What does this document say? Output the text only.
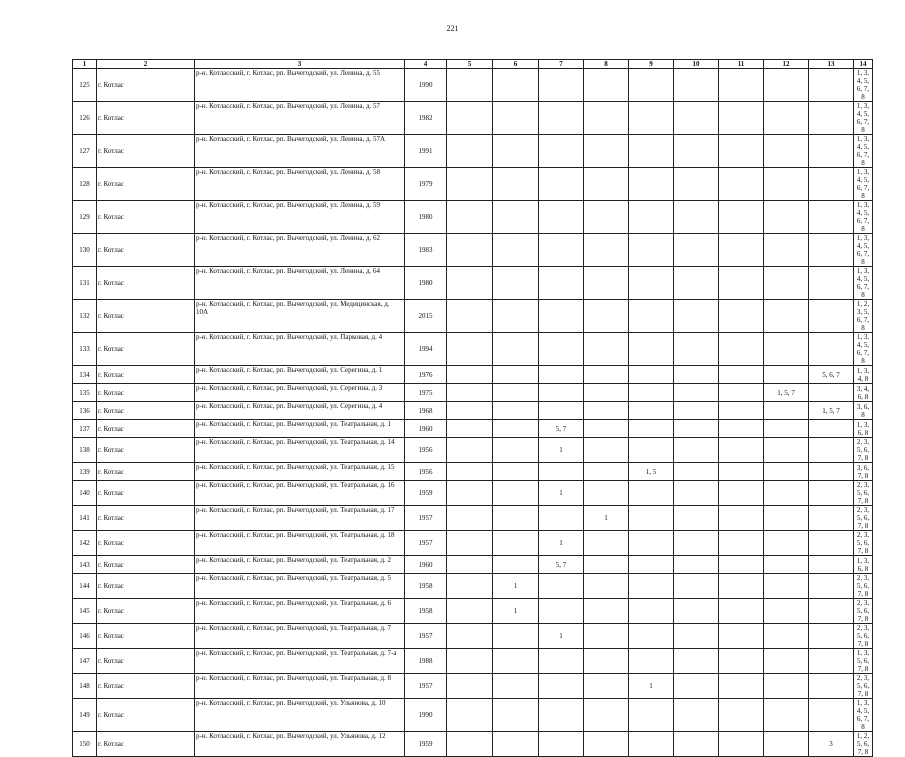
221
1	2	3	4	5	6	7	8	9	10	11	12	13	14
125	г. Котлас	р-н. Котласский, г. Котлас, рп. Вычегодский, ул. Ленина, д. 55	1990										1, 3, 4, 5, 6, 7, 8
126	г. Котлас	р-н. Котласский, г. Котлас, рп. Вычегодский, ул. Ленина, д. 57	1982										1, 3, 4, 5, 6, 7, 8
127	г. Котлас	р-н. Котласский, г. Котлас, рп. Вычегодский, ул. Ленина, д. 57А	1991										1, 3, 4, 5, 6, 7, 8
128	г. Котлас	р-н. Котласский, г. Котлас, рп. Вычегодский, ул. Ленина, д. 58	1979										1, 3, 4, 5, 6, 7, 8
129	г. Котлас	р-н. Котласский, г. Котлас, рп. Вычегодский, ул. Ленина, д. 59	1980										1, 3, 4, 5, 6, 7, 8
130	г. Котлас	р-н. Котласский, г. Котлас, рп. Вычегодский, ул. Ленина, д. 62	1983										1, 3, 4, 5, 6, 7, 8
131	г. Котлас	р-н. Котласский, г. Котлас, рп. Вычегодский, ул. Ленина, д. 64	1980										1, 3, 4, 5, 6, 7, 8
132	г. Котлас	р-н. Котласский, г. Котлас, рп. Вычегодский, ул. Медицинская, д. 10А	2015										1, 2, 3, 5, 6, 7, 8
133	г. Котлас	р-н. Котласский, г. Котлас, рп. Вычегодский, ул. Парковая, д. 4	1994										1, 3, 4, 5, 6, 7, 8
134	г. Котлас	р-н. Котласский, г. Котлас, рп. Вычегодский, ул. Серегина, д. 1	1976									5, 6, 7	1, 3, 4, 8
135	г. Котлас	р-н. Котласский, г. Котлас, рп. Вычегодский, ул. Серегина, д. 3	1975								1, 5, 7		3, 4, 6, 8
136	г. Котлас	р-н. Котласский, г. Котлас, рп. Вычегодский, ул. Серегина, д. 4	1968									1, 5, 7	3, 6, 8
137	г. Котлас	р-н. Котласский, г. Котлас, рп. Вычегодский, ул. Театральная, д. 1	1960			5, 7							1, 3, 6, 8
138	г. Котлас	р-н. Котласский, г. Котлас, рп. Вычегодский, ул. Театральная, д. 14	1956			1							2, 3, 5, 6, 7, 8
139	г. Котлас	р-н. Котласский, г. Котлас, рп. Вычегодский, ул. Театральная, д. 15	1956					1, 5					3, 6, 7, 8
140	г. Котлас	р-н. Котласский, г. Котлас, рп. Вычегодский, ул. Театральная, д. 16	1959			1							2, 3, 5, 6, 7, 8
141	г. Котлас	р-н. Котласский, г. Котлас, рп. Вычегодский, ул. Театральная, д. 17	1957				1						2, 3, 5, 6, 7, 8
142	г. Котлас	р-н. Котласский, г. Котлас, рп. Вычегодский, ул. Театральная, д. 18	1957			1							2, 3, 5, 6, 7, 8
143	г. Котлас	р-н. Котласский, г. Котлас, рп. Вычегодский, ул. Театральная, д. 2	1960			5, 7							1, 3, 6, 8
144	г. Котлас	р-н. Котласский, г. Котлас, рп. Вычегодский, ул. Театральная, д. 5	1958		1								2, 3, 5, 6, 7, 8
145	г. Котлас	р-н. Котласский, г. Котлас, рп. Вычегодский, ул. Театральная, д. 6	1958		1								2, 3, 5, 6, 7, 8
146	г. Котлас	р-н. Котласский, г. Котлас, рп. Вычегодский, ул. Театральная, д. 7	1957			1							2, 3, 5, 6, 7, 8
147	г. Котлас	р-н. Котласский, г. Котлас, рп. Вычегодский, ул. Театральная, д. 7-а	1988										1, 3, 5, 6, 7, 8
148	г. Котлас	р-н. Котласский, г. Котлас, рп. Вычегодский, ул. Театральная, д. 8	1957					1					2, 3, 5, 6, 7, 8
149	г. Котлас	р-н. Котласский, г. Котлас, рп. Вычегодский, ул. Ульянова, д. 10	1990										1, 3, 4, 5, 6, 7, 8
150	г. Котлас	р-н. Котласский, г. Котлас, рп. Вычегодский, ул. Ульянова, д. 12	1959									3	1, 2, 5, 6, 7, 8
